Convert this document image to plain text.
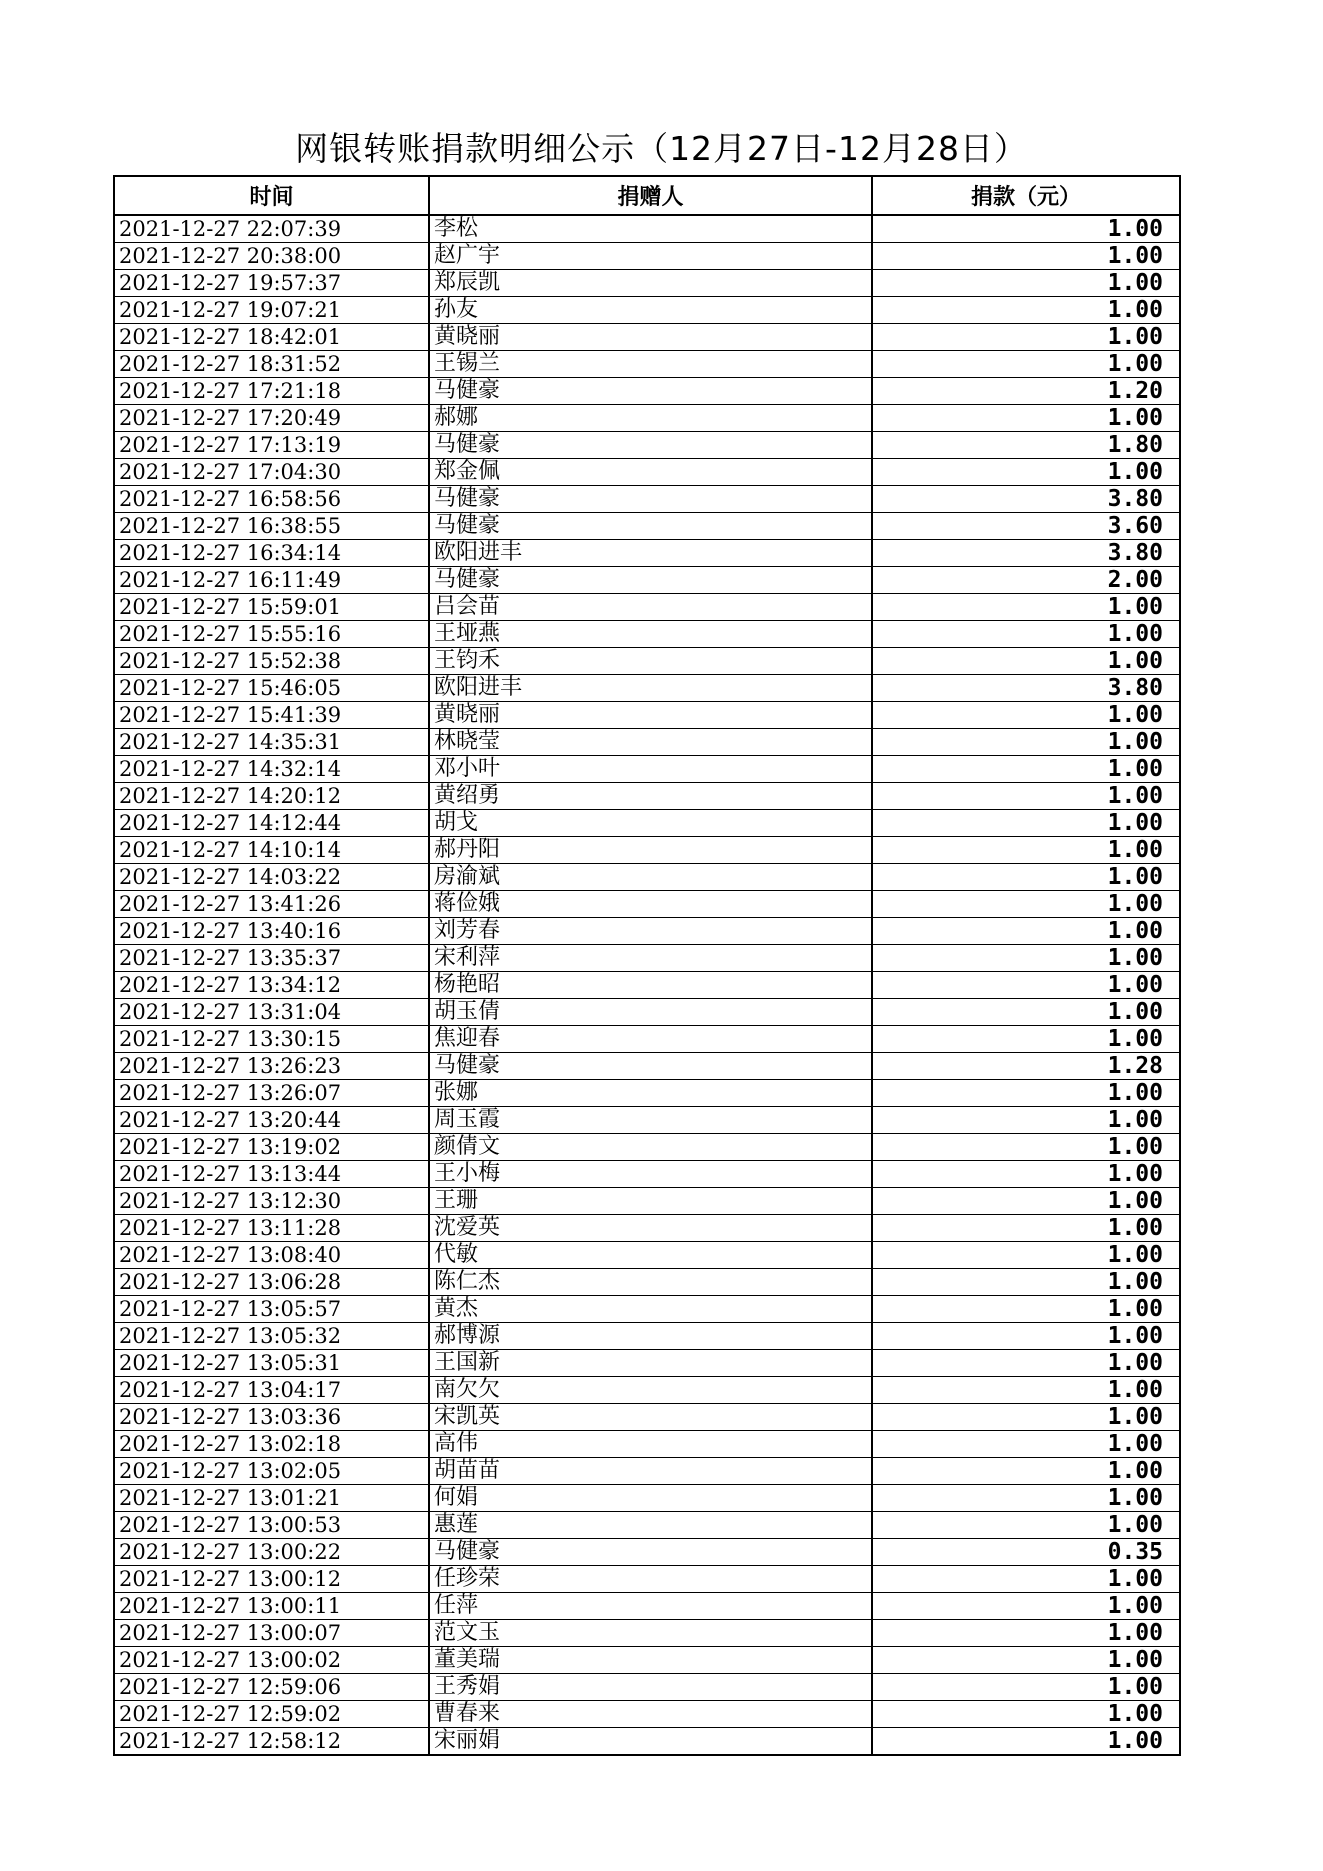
网银转账捐款明细公示（12月27日-12月28日）
时间	捐赠人	捐款（元）
2021-12-27 22:07:39	李松	1.00
2021-12-27 20:38:00	赵广宇	1.00
2021-12-27 19:57:37	郑辰凯	1.00
2021-12-27 19:07:21	孙友	1.00
2021-12-27 18:42:01	黄晓丽	1.00
2021-12-27 18:31:52	王锡兰	1.00
2021-12-27 17:21:18	马健豪	1.20
2021-12-27 17:20:49	郝娜	1.00
2021-12-27 17:13:19	马健豪	1.80
2021-12-27 17:04:30	郑金佩	1.00
2021-12-27 16:58:56	马健豪	3.80
2021-12-27 16:38:55	马健豪	3.60
2021-12-27 16:34:14	欧阳进丰	3.80
2021-12-27 16:11:49	马健豪	2.00
2021-12-27 15:59:01	吕会苗	1.00
2021-12-27 15:55:16	王垭燕	1.00
2021-12-27 15:52:38	王钧禾	1.00
2021-12-27 15:46:05	欧阳进丰	3.80
2021-12-27 15:41:39	黄晓丽	1.00
2021-12-27 14:35:31	林晓莹	1.00
2021-12-27 14:32:14	邓小叶	1.00
2021-12-27 14:20:12	黄绍勇	1.00
2021-12-27 14:12:44	胡戈	1.00
2021-12-27 14:10:14	郝丹阳	1.00
2021-12-27 14:03:22	房渝斌	1.00
2021-12-27 13:41:26	蒋俭娥	1.00
2021-12-27 13:40:16	刘芳春	1.00
2021-12-27 13:35:37	宋利萍	1.00
2021-12-27 13:34:12	杨艳昭	1.00
2021-12-27 13:31:04	胡玉倩	1.00
2021-12-27 13:30:15	焦迎春	1.00
2021-12-27 13:26:23	马健豪	1.28
2021-12-27 13:26:07	张娜	1.00
2021-12-27 13:20:44	周玉霞	1.00
2021-12-27 13:19:02	颜倩文	1.00
2021-12-27 13:13:44	王小梅	1.00
2021-12-27 13:12:30	王珊	1.00
2021-12-27 13:11:28	沈爱英	1.00
2021-12-27 13:08:40	代敏	1.00
2021-12-27 13:06:28	陈仁杰	1.00
2021-12-27 13:05:57	黄杰	1.00
2021-12-27 13:05:32	郝博源	1.00
2021-12-27 13:05:31	王国新	1.00
2021-12-27 13:04:17	南欠欠	1.00
2021-12-27 13:03:36	宋凯英	1.00
2021-12-27 13:02:18	高伟	1.00
2021-12-27 13:02:05	胡苗苗	1.00
2021-12-27 13:01:21	何娟	1.00
2021-12-27 13:00:53	惠莲	1.00
2021-12-27 13:00:22	马健豪	0.35
2021-12-27 13:00:12	任珍荣	1.00
2021-12-27 13:00:11	任萍	1.00
2021-12-27 13:00:07	范文玉	1.00
2021-12-27 13:00:02	董美瑞	1.00
2021-12-27 12:59:06	王秀娟	1.00
2021-12-27 12:59:02	曹春来	1.00
2021-12-27 12:58:12	宋丽娟	1.00
